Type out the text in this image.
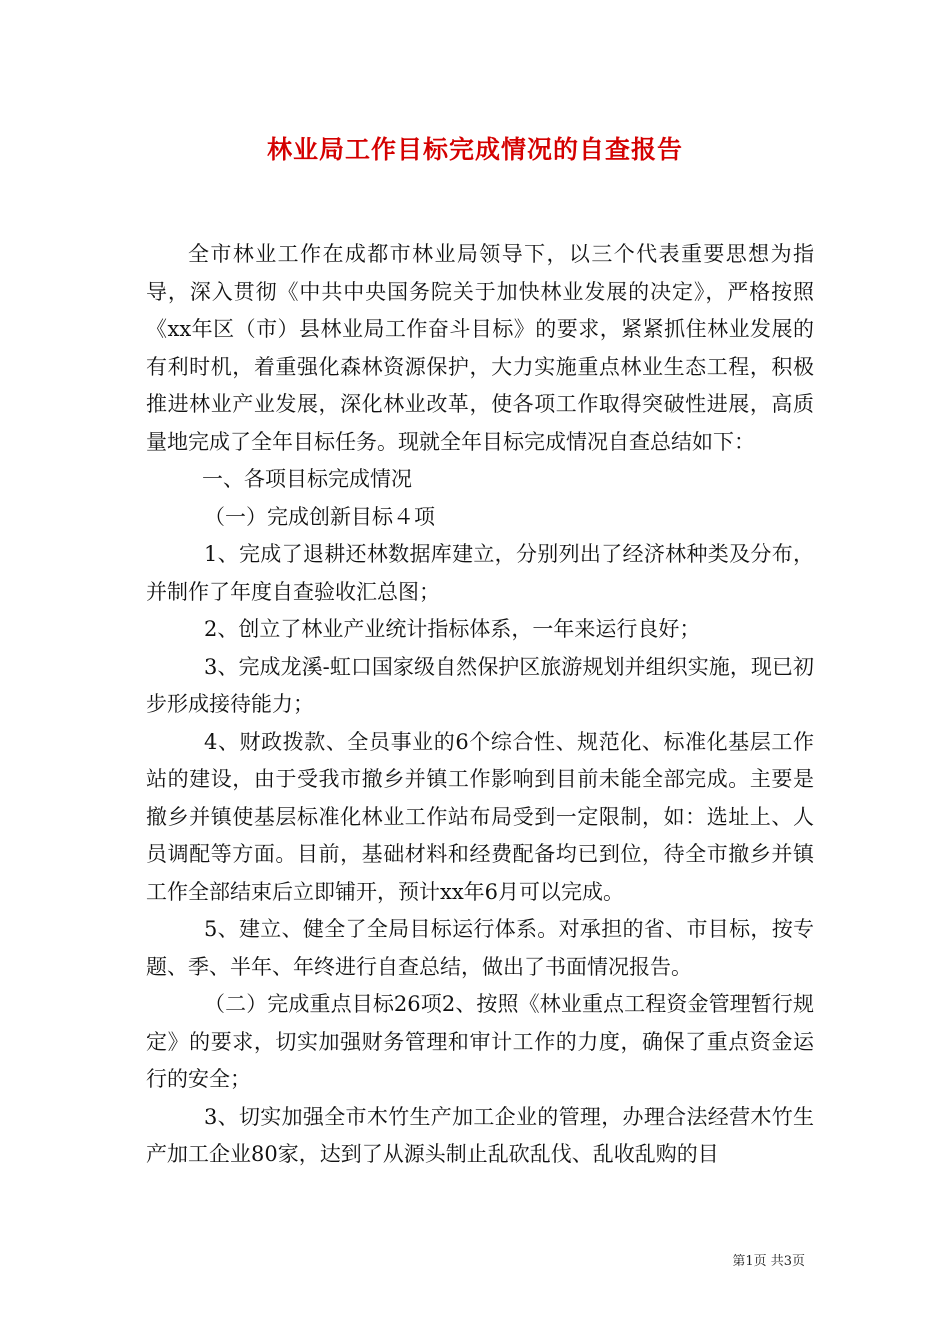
林业局工作目标完成情况的自查报告

全市林业工作在成都市林业局领导下，以三个代表重要思想为指导，深入贯彻《中共中央国务院关于加快林业发展的决定》，严格按照《xx年区（市）县林业局工作奋斗目标》的要求，紧紧抓住林业发展的有利时机，着重强化森林资源保护，大力实施重点林业生态工程，积极推进林业产业发展，深化林业改革，使各项工作取得突破性进展，高质量地完成了全年目标任务。现就全年目标完成情况自查总结如下：

一、各项目标完成情况

（一）完成创新目标４项

1、完成了退耕还林数据库建立，分别列出了经济林种类及分布，并制作了年度自查验收汇总图；

2、创立了林业产业统计指标体系，一年来运行良好；

3、完成龙溪-虹口国家级自然保护区旅游规划并组织实施，现已初步形成接待能力；

4、财政拨款、全员事业的6个综合性、规范化、标准化基层工作站的建设，由于受我市撤乡并镇工作影响到目前未能全部完成。主要是撤乡并镇使基层标准化林业工作站布局受到一定限制，如：选址上、人员调配等方面。目前，基础材料和经费配备均已到位，待全市撤乡并镇工作全部结束后立即铺开，预计xx年6月可以完成。

5、建立、健全了全局目标运行体系。对承担的省、市目标，按专题、季、半年、年终进行自查总结，做出了书面情况报告。

（二）完成重点目标26项2、按照《林业重点工程资金管理暂行规定》的要求，切实加强财务管理和审计工作的力度，确保了重点资金运行的安全；

3、切实加强全市木竹生产加工企业的管理，办理合法经营木竹生产加工企业80家，达到了从源头制止乱砍乱伐、乱收乱购的目

第1页 共3页
